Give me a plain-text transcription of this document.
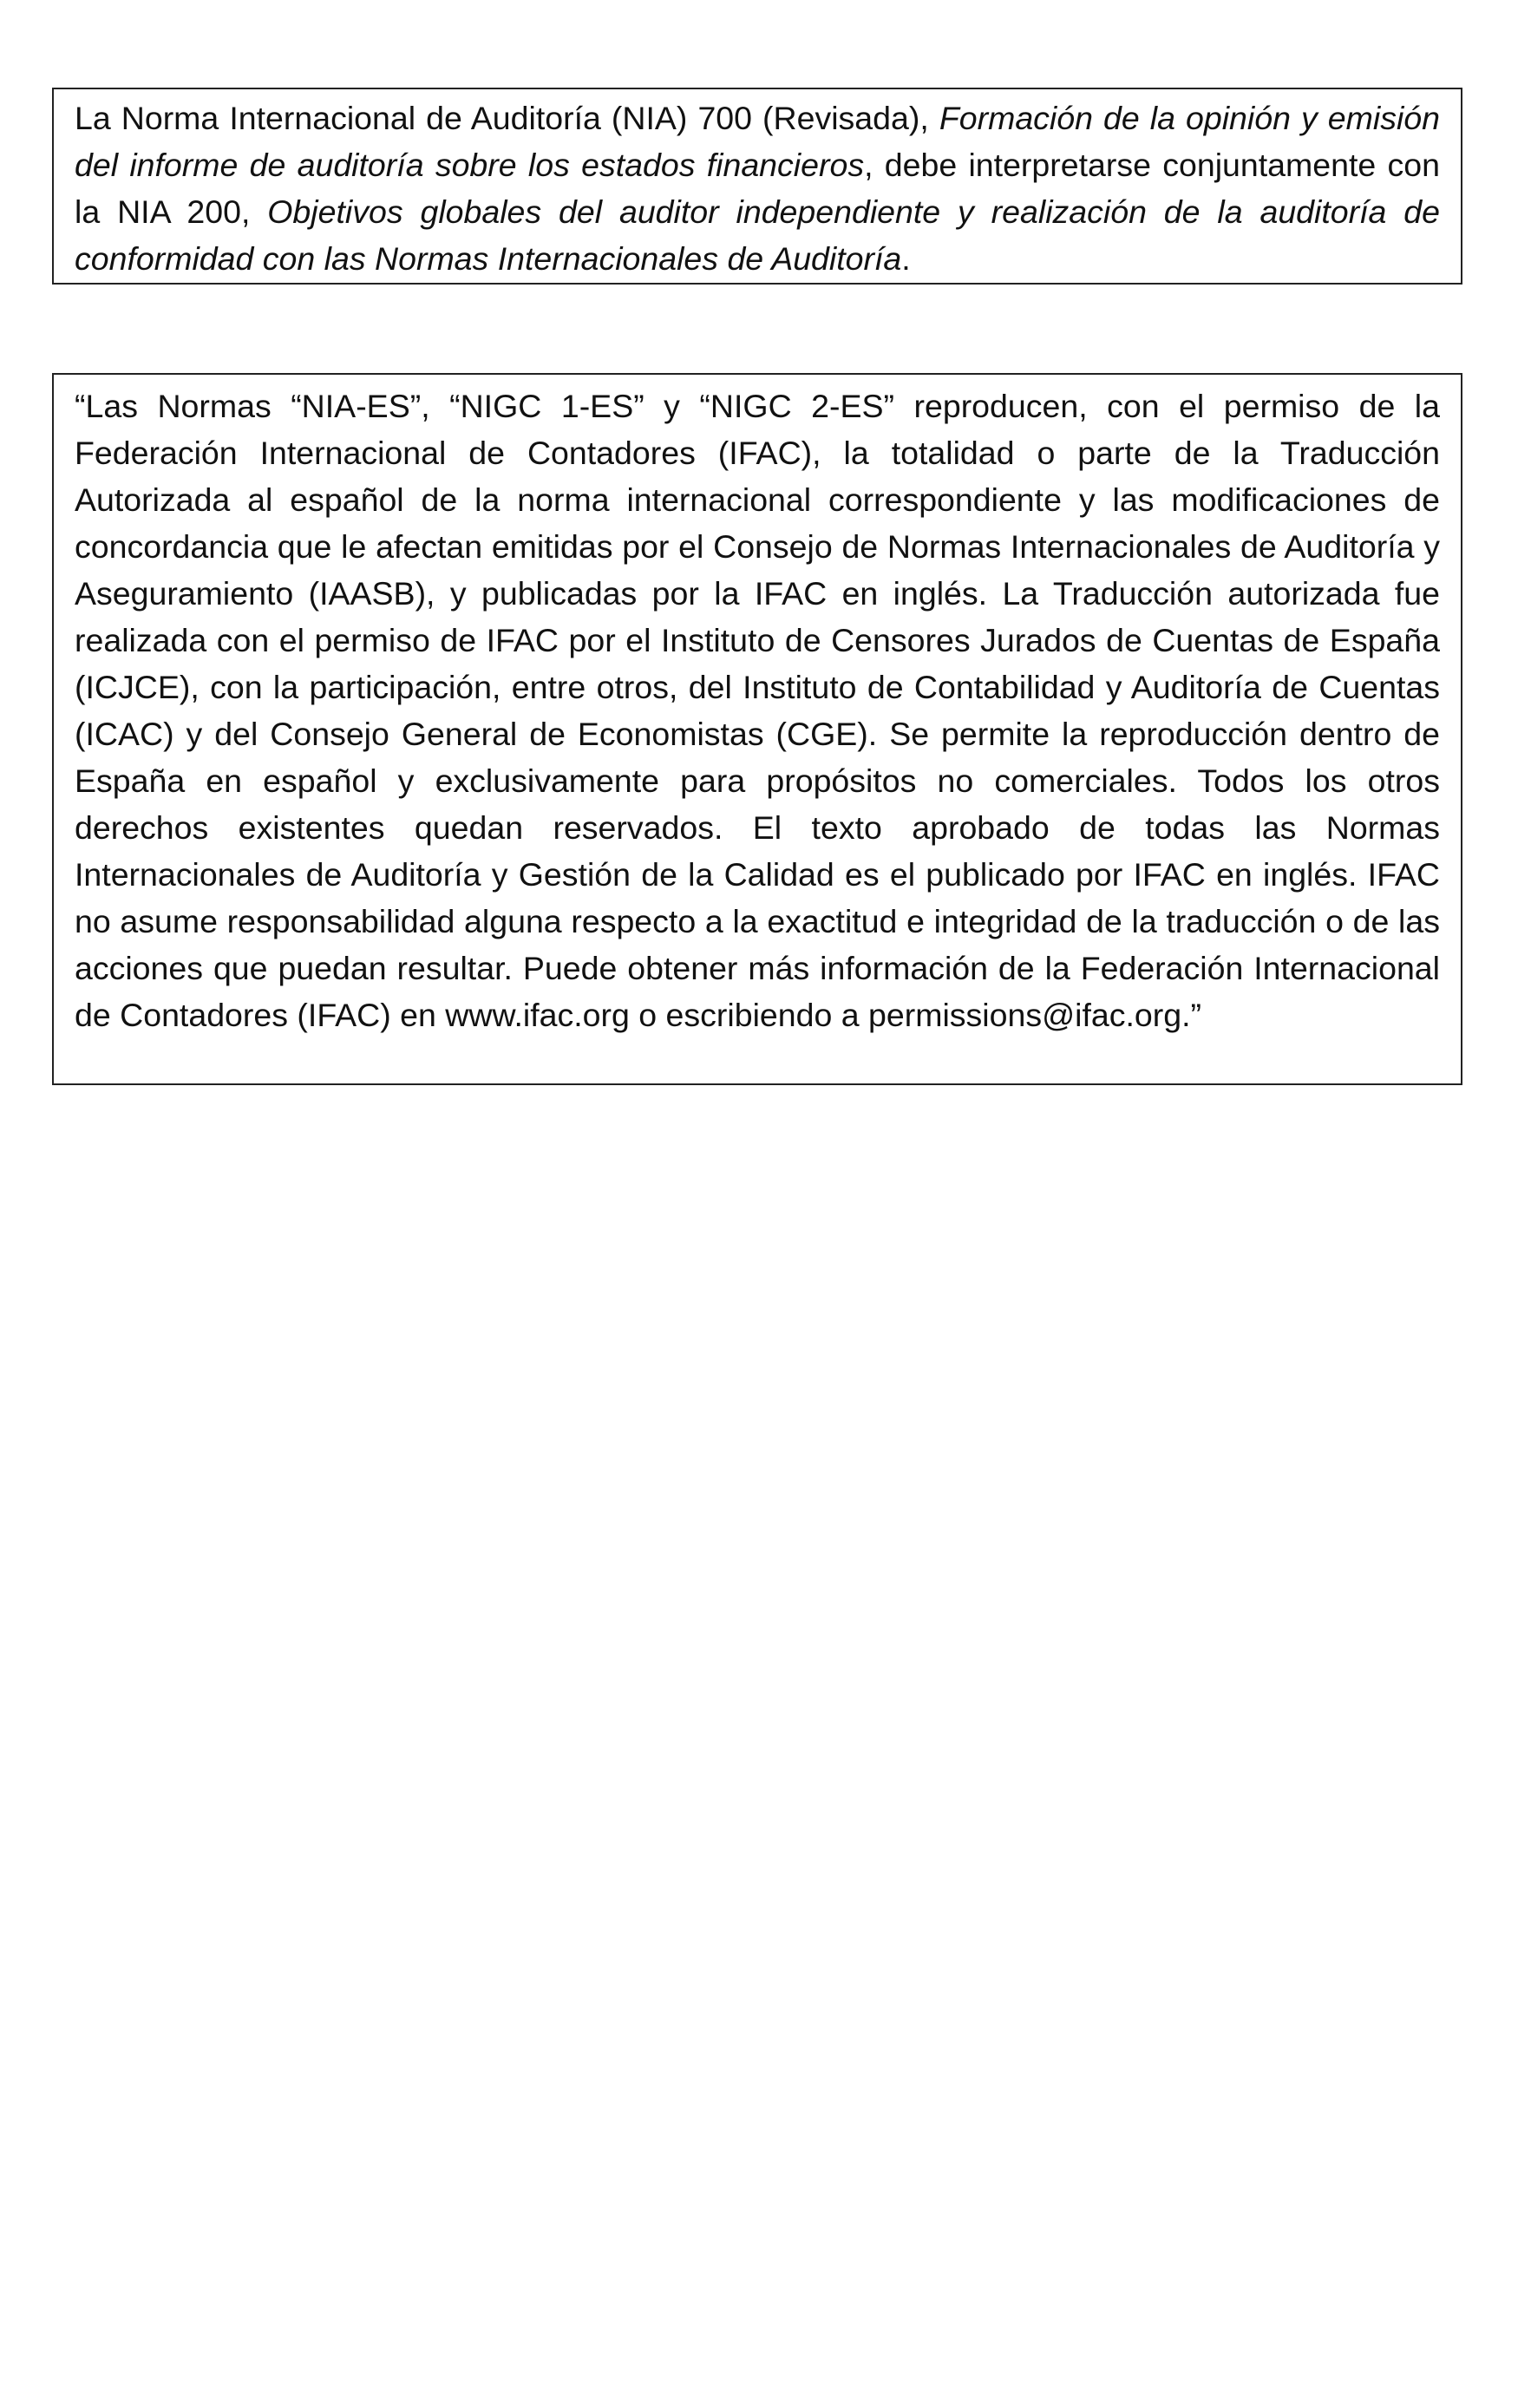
La Norma Internacional de Auditoría (NIA) 700 (Revisada), Formación de la opinión y emisión del informe de auditoría sobre los estados financieros, debe interpretarse conjuntamente con la NIA 200, Objetivos globales del auditor independiente y realización de la auditoría de conformidad con las Normas Internacionales de Auditoría.

“Las Normas “NIA-ES”, “NIGC 1-ES” y “NIGC 2-ES” reproducen, con el permiso de la Federación Internacional de Contadores (IFAC), la totalidad o parte de la Traducción Autorizada al español de la norma internacional correspondiente y las modificaciones de concordancia que le afectan emitidas por el Consejo de Normas Internacionales de Auditoría y Aseguramiento (IAASB), y publicadas por la IFAC en inglés. La Traducción autorizada fue realizada con el permiso de IFAC por el Instituto de Censores Jurados de Cuentas de España (ICJCE), con la participación, entre otros, del Instituto de Contabilidad y Auditoría de Cuentas (ICAC) y del Consejo General de Economistas (CGE). Se permite la reproducción dentro de España en español y exclusivamente para propósitos no comerciales. Todos los otros derechos existentes quedan reservados. El texto aprobado de todas las Normas Internacionales de Auditoría y Gestión de la Calidad es el publicado por IFAC en inglés. IFAC no asume responsabilidad alguna respecto a la exactitud e integridad de la traducción o de las acciones que puedan resultar. Puede obtener más información de la Federación Internacional de Contadores (IFAC) en www.ifac.org o escribiendo a permissions@ifac.org.”
